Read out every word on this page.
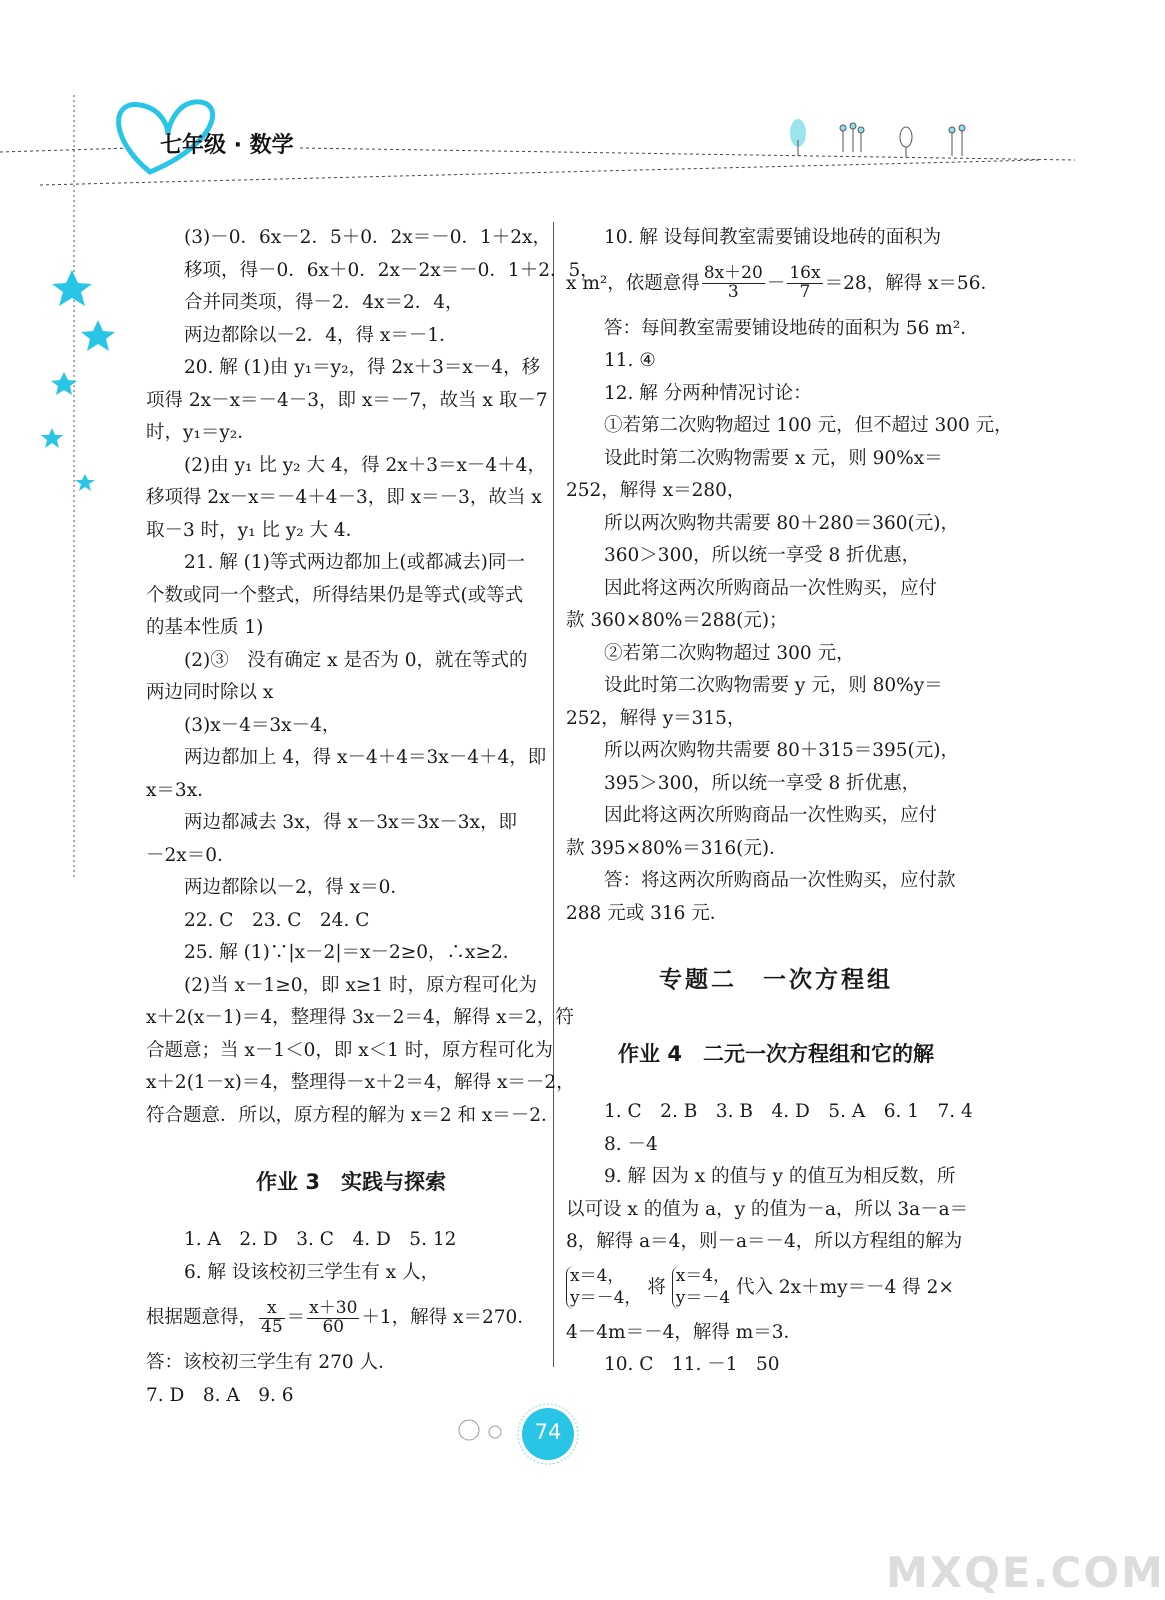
七年级 · 数学
(3)－0．6x－2．5＋0．2x＝－0．1＋2x，
移项，得－0．6x＋0．2x－2x＝－0．1＋2．5，
合并同类项，得－2．4x＝2．4，
两边都除以－2．4，得 x＝－1．
20. 解 (1)由 y₁＝y₂，得 2x＋3＝x－4，移
项得 2x－x＝－4－3，即 x＝－7，故当 x 取－7
时，y₁＝y₂．
(2)由 y₁ 比 y₂ 大 4，得 2x＋3＝x－4＋4，
移项得 2x－x＝－4＋4－3，即 x＝－3，故当 x
取－3 时，y₁ 比 y₂ 大 4．
21. 解 (1)等式两边都加上(或都减去)同一
个数或同一个整式，所得结果仍是等式(或等式
的基本性质 1)
(2)③　没有确定 x 是否为 0，就在等式的
两边同时除以 x
(3)x－4＝3x－4，
两边都加上 4，得 x－4＋4＝3x－4＋4，即
x＝3x．
两边都减去 3x，得 x－3x＝3x－3x，即
－2x＝0．
两边都除以－2，得 x＝0．
22. C　23. C　24. C
25. 解 (1)∵|x－2|＝x－2≥0，∴x≥2．
(2)当 x－1≥0，即 x≥1 时，原方程可化为
x＋2(x－1)＝4，整理得 3x－2＝4，解得 x＝2，符
合题意；当 x－1＜0，即 x＜1 时，原方程可化为
x＋2(1－x)＝4，整理得－x＋2＝4，解得 x＝－2，
符合题意．所以，原方程的解为 x＝2 和 x＝－2．
作业 3　实践与探索
1. A　2. D　3. C　4. D　5. 12
6. 解 设该校初三学生有 x 人，
根据题意得， $\frac{x}{45} = \frac{x+30}{60} +1$，解得 x＝270．
答：该校初三学生有 270 人．
7. D　8. A　9. 6
10. 解 设每间教室需要铺设地砖的面积为
x m²，依题意得 $\frac{8x+20}{3} - \frac{16x}{7} =28$，解得 x＝56．
答：每间教室需要铺设地砖的面积为 56 m²．
11. ④
12. 解 分两种情况讨论：
①若第二次购物超过 100 元，但不超过 300 元，
设此时第二次购物需要 x 元，则 90%x＝
252，解得 x＝280，
所以两次购物共需要 80＋280＝360(元)，
360＞300，所以统一享受 8 折优惠，
因此将这两次所购商品一次性购买，应付
款 360×80%＝288(元)；
②若第二次购物超过 300 元，
设此时第二次购物需要 y 元，则 80%y＝
252，解得 y＝315，
所以两次购物共需要 80＋315＝395(元)，
395＞300，所以统一享受 8 折优惠，
因此将这两次所购商品一次性购买，应付
款 395×80%＝316(元)．
答：将这两次所购商品一次性购买，应付款
288 元或 316 元．
专题二　一次方程组
作业 4　二元一次方程组和它的解
1. C　2. B　3. B　4. D　5. A　6. 1　7. 4
8. －4
9. 解 因为 x 的值与 y 的值互为相反数，所
以可设 x 的值为 a，y 的值为－a，所以 3a－a＝
8，解得 a＝4，则－a＝－4，所以方程组的解为
x＝4，
y＝－4， 将 x＝4，
y＝－4 代入 2x＋my＝－4 得 2×
4－4m＝－4，解得 m＝3．
10. C　11. －1　50
74
MXQE.COM
